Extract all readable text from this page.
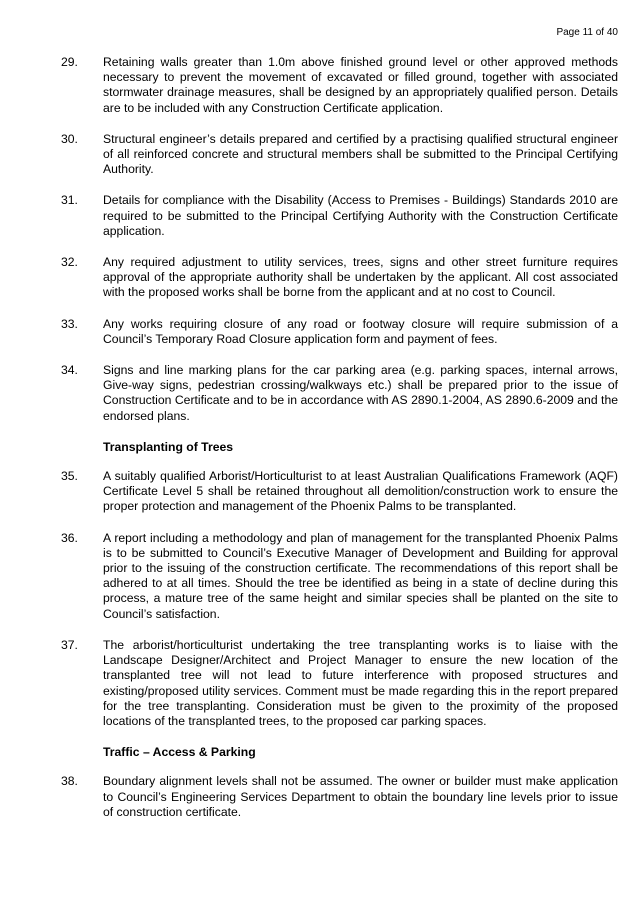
Page 11 of 40
29. Retaining walls greater than 1.0m above finished ground level or other approved methods necessary to prevent the movement of excavated or filled ground, together with associated stormwater drainage measures, shall be designed by an appropriately qualified person. Details are to be included with any Construction Certificate application.
30. Structural engineer’s details prepared and certified by a practising qualified structural engineer of all reinforced concrete and structural members shall be submitted to the Principal Certifying Authority.
31. Details for compliance with the Disability (Access to Premises - Buildings) Standards 2010 are required to be submitted to the Principal Certifying Authority with the Construction Certificate application.
32. Any required adjustment to utility services, trees, signs and other street furniture requires approval of the appropriate authority shall be undertaken by the applicant. All cost associated with the proposed works shall be borne from the applicant and at no cost to Council.
33. Any works requiring closure of any road or footway closure will require submission of a Council’s Temporary Road Closure application form and payment of fees.
34. Signs and line marking plans for the car parking area (e.g. parking spaces, internal arrows, Give-way signs, pedestrian crossing/walkways etc.) shall be prepared prior to the issue of Construction Certificate and to be in accordance with AS 2890.1-2004, AS 2890.6-2009 and the endorsed plans.
Transplanting of Trees
35. A suitably qualified Arborist/Horticulturist to at least Australian Qualifications Framework (AQF) Certificate Level 5 shall be retained throughout all demolition/construction work to ensure the proper protection and management of the Phoenix Palms to be transplanted.
36. A report including a methodology and plan of management for the transplanted Phoenix Palms is to be submitted to Council’s Executive Manager of Development and Building for approval prior to the issuing of the construction certificate. The recommendations of this report shall be adhered to at all times. Should the tree be identified as being in a state of decline during this process, a mature tree of the same height and similar species shall be planted on the site to Council’s satisfaction.
37. The arborist/horticulturist undertaking the tree transplanting works is to liaise with the Landscape Designer/Architect and Project Manager to ensure the new location of the transplanted tree will not lead to future interference with proposed structures and existing/proposed utility services. Comment must be made regarding this in the report prepared for the tree transplanting. Consideration must be given to the proximity of the proposed locations of the transplanted trees, to the proposed car parking spaces.
Traffic – Access & Parking
38. Boundary alignment levels shall not be assumed. The owner or builder must make application to Council’s Engineering Services Department to obtain the boundary line levels prior to issue of construction certificate.
